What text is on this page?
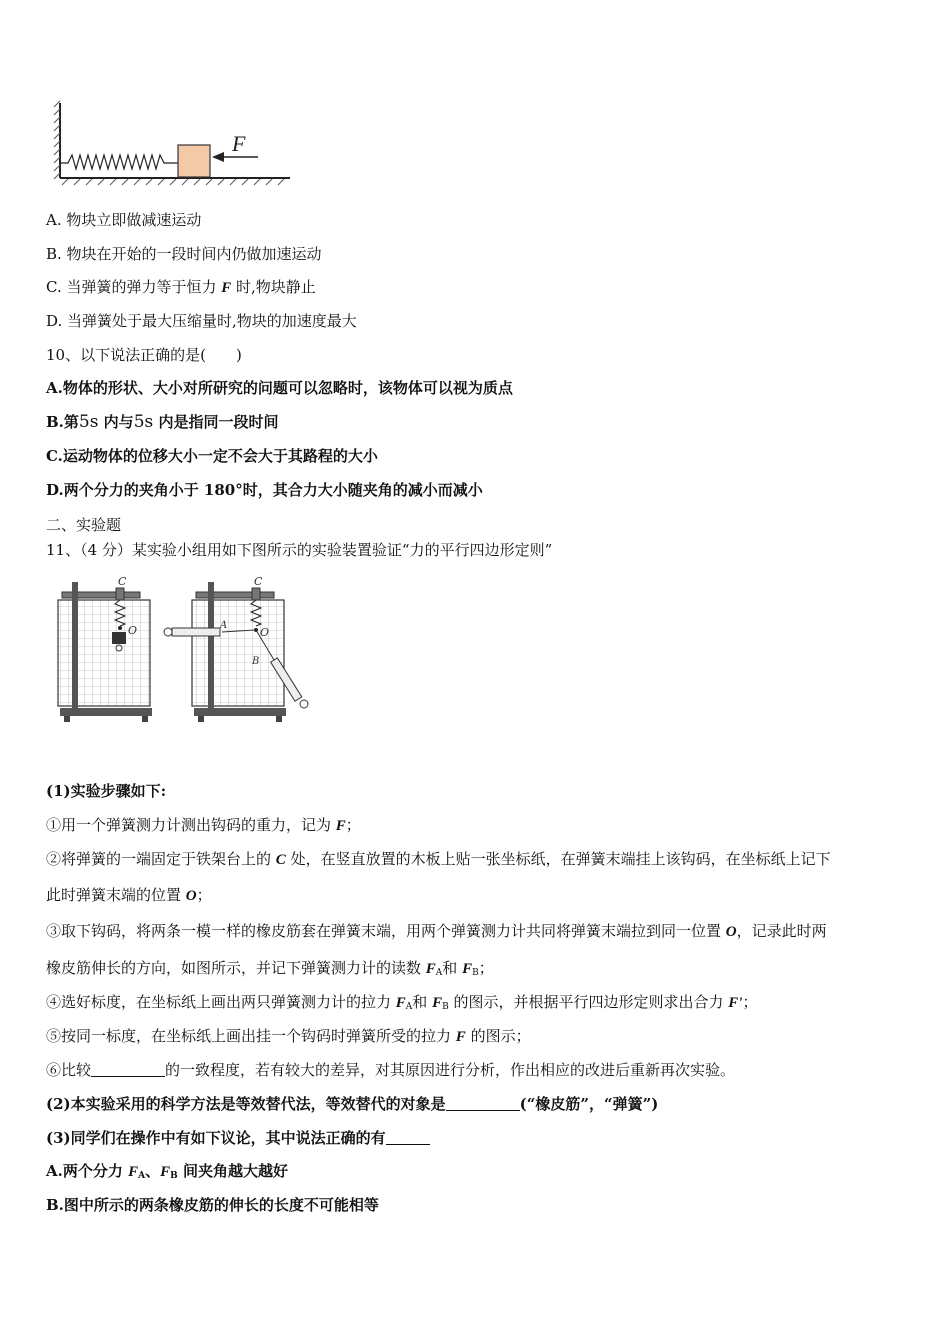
F
A. 物块立即做减速运动
B. 物块在开始的一段时间内仍做加速运动
C. 当弹簧的弹力等于恒力 F 时,物块静止
D. 当弹簧处于最大压缩量时,物块的加速度最大
10、以下说法正确的是(　　)
A.物体的形状、大小对所研究的问题可以忽略时，该物体可以视为质点
B.第5s 内与5s 内是指同一段时间
C.运动物体的位移大小一定不会大于其路程的大小
D.两个分力的夹角小于 180°时，其合力大小随夹角的减小而减小
二、实验题
11、（4 分）某实验小组用如下图所示的实验装置验证“力的平行四边形定则”
C
O
C
O
A
B
(1)实验步骤如下:
①用一个弹簧测力计测出钩码的重力，记为 F；
②将弹簧的一端固定于铁架台上的 C 处，在竖直放置的木板上贴一张坐标纸，在弹簧末端挂上该钩码，在坐标纸上记下
此时弹簧末端的位置 O；
③取下钩码，将两条一模一样的橡皮筋套在弹簧末端，用两个弹簧测力计共同将弹簧末端拉到同一位置 O，记录此时两
橡皮筋伸长的方向，如图所示，并记下弹簧测力计的读数 $F_A$和 $F_B$；
④选好标度，在坐标纸上画出两只弹簧测力计的拉力 $F_A$和 $F_B$ 的图示，并根据平行四边形定则求出合力 F'；
⑤按同一标度，在坐标纸上画出挂一个钩码时弹簧所受的拉力 F 的图示；
⑥比较	的一致程度，若有较大的差异，对其原因进行分析，作出相应的改进后重新再次实验。
(2)本实验采用的科学方法是等效替代法，等效替代的对象是	(“橡皮筋”，“弹簧”)
(3)同学们在操作中有如下议论，其中说法正确的有
A.两个分力 $F_A$、$F_B$ 间夹角越大越好
B.图中所示的两条橡皮筋的伸长的长度不可能相等
